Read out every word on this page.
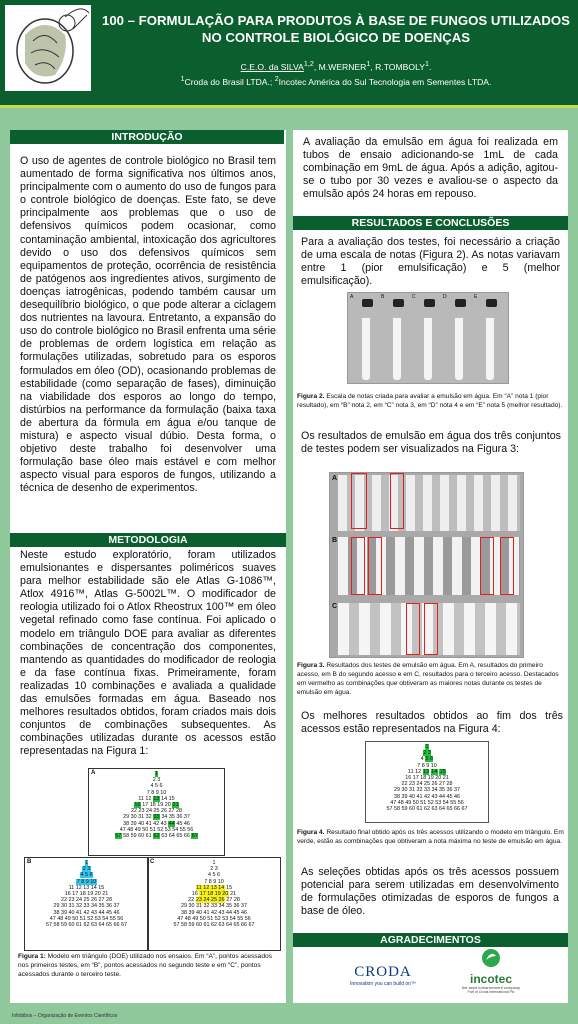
100 – FORMULAÇÃO PARA PRODUTOS À BASE DE FUNGOS UTILIZADOS
NO CONTROLE BIOLÓGICO DE DOENÇAS
C.E.O. da SILVA$^{1,2}$, M.WERNER$^1$, R.TOMBOLY$^1$.
$^1$Croda do Brasil LTDA.; $^2$Incotec América do Sul Tecnologia em Sementes LTDA.
INTRODUÇÃO
O uso de agentes de controle biológico no Brasil tem aumentado de forma significativa nos últimos anos, principalmente com o aumento do uso de fungos para o controle biológico de doenças. Este fato, se deve principalmente aos problemas que o uso de defensivos químicos podem ocasionar, como contaminação ambiental, intoxicação dos agricultores devido o uso dos defensivos químicos sem equipamentos de proteção, ocorrência de resistência de patógenos aos ingredientes ativos, surgimento de doenças iatrogênicas, podendo também causar um desequilíbrio biológico, o que pode alterar a ciclagem dos nutrientes na lavoura. Entretanto, a expansão do uso do controle biológico no Brasil enfrenta uma série de problemas de ordem logística em relação as formulações utilizadas, sobretudo para os esporos formulados em óleo (OD), ocasionando problemas de estabilidade (como separação de fases), diminuição na viabilidade dos esporos ao longo do tempo, distúrbios na performance da formulação (baixa taxa de abertura da fórmula em água e/ou tanque de mistura) e aspecto visual dúbio. Desta forma, o objetivo deste trabalho foi desenvolver uma formulação base óleo mais estável e com melhor aspecto visual para esporos de fungos, utilizando a técnica de desenho de experimentos.
METODOLOGIA
Neste estudo exploratório, foram utilizados emulsionantes e dispersantes poliméricos suaves para melhor estabilidade são ele Atlas G-1086™, Atlox 4916™, Atlas G-5002L™. O modificador de reologia utilizado foi o Atlox Rheostrux 100™ em óleo vegetal refinado como fase contínua. Foi aplicado o modelo em triângulo DOE para avaliar as diferentes combinações de concentração dos componentes, mantendo as quantidades do modificador de reologia e da fase contínua fixas. Primeiramente, foram realizadas 10 combinações e avaliada a qualidade das emulsões formadas em água. Baseado nos melhores resultados obtidos, foram criados mais dois conjuntos de combinações subsequentes. As combinações utilizadas durante os acessos estão representadas na Figura 1:
A	1
2 3
4 5 6
7 8 9 10
11 12 13 14 15
16 17 18 19 20 21
22 23 24 25 26 27 28
29 30 31 32 33 34 35 36 37
38 39 40 41 42 43 44 45 46
47 48 49 50 51 52 53 54 55 56
57 58 59 60 61 62 63 64 65 66 67
B	1
2 3
4 5 6
7 8 9 10
11 12 13 14 15
16 17 18 19 20 21
22 23 24 25 26 27 28
29 30 31 32 33 34 35 36 37
38 39 40 41 42 43 44 45 46
47 48 49 50 51 52 53 54 55 56
57 58 59 60 61 62 63 64 65 66 67
C	1
2 3
4 5 6
7 8 9 10
11 12 13 14 15
16 17 18 19 20 21
22 23 24 25 26 27 28
29 30 31 32 33 34 35 36 37
38 39 40 41 42 43 44 45 46
47 48 49 50 51 52 53 54 55 56
57 58 59 60 61 62 63 64 65 66 67
Figura 1: Modelo em triângulo (DOE) utilizado nos ensaios. Em “A”, pontos acessados nos primeiros testes, em “B”, pontos acessados no segundo teste e em “C”, pontos acessados durante o terceiro teste.
A avaliação da emulsão em água foi realizada em tubos de ensaio adicionando-se 1mL de cada combinação em 9mL de água. Após a adição, agitou-se o tubo por 30 vezes e avaliou-se o aspecto da emulsão após 24 horas em repouso.
RESULTADOS E CONCLUSÕES
Para a avaliação dos testes, foi necessário a criação de uma escala de notas (Figura 2). As notas variavam entre 1 (pior emulsificação) e 5 (melhor emulsificação).
A	B	C	D	E
Figura 2. Escala de notas criada para avaliar a emulsão em água. Em “A” nota 1 (pior resultado), em “B” nota 2, em “C” nota 3, em “D” nota 4 e em “E” nota 5 (melhor resultado).
Os resultados de emulsão em água dos três conjuntos de testes podem ser visualizados na Figura 3:
A
B
C
Figura 3. Resultados dos testes de emulsão em água. Em A, resultados do primeiro acesso, em B do segundo acesso e em C, resultados para o terceiro acesso. Destacados em vermelho as combinações que obtiveram as maiores notas durante os testes de emulsão em água.
Os melhores resultados obtidos ao fim dos três acessos estão representados na Figura 4:
1
2 3
4 5 6
7 8 9 10
11 12 13 14 15
16 17 18 19 20 21
22 23 24 25 26 27 28
29 30 31 32 33 34 35 36 37
38 39 40 41 42 43 44 45 46
47 48 49 50 51 52 53 54 55 56
57 58 59 60 61 62 63 64 65 66 67
Figura 4. Resultado final obtido após os três acessos utilizando o modelo em triângulo. Em verde, estão as combinações que obtiveram a nota máxima no teste de emulsão em água.
As seleções obtidas após os três acessos possuem potencial para serem utilizadas em desenvolvimento de formulações otimizadas de esporos de fungos a base de óleo.
AGRADECIMENTOS
CRODA
Innovation you can build on™	incotec
the seed enhancement company
Part of Croda International Plc
Infobibos – Organização de Eventos Científicos
